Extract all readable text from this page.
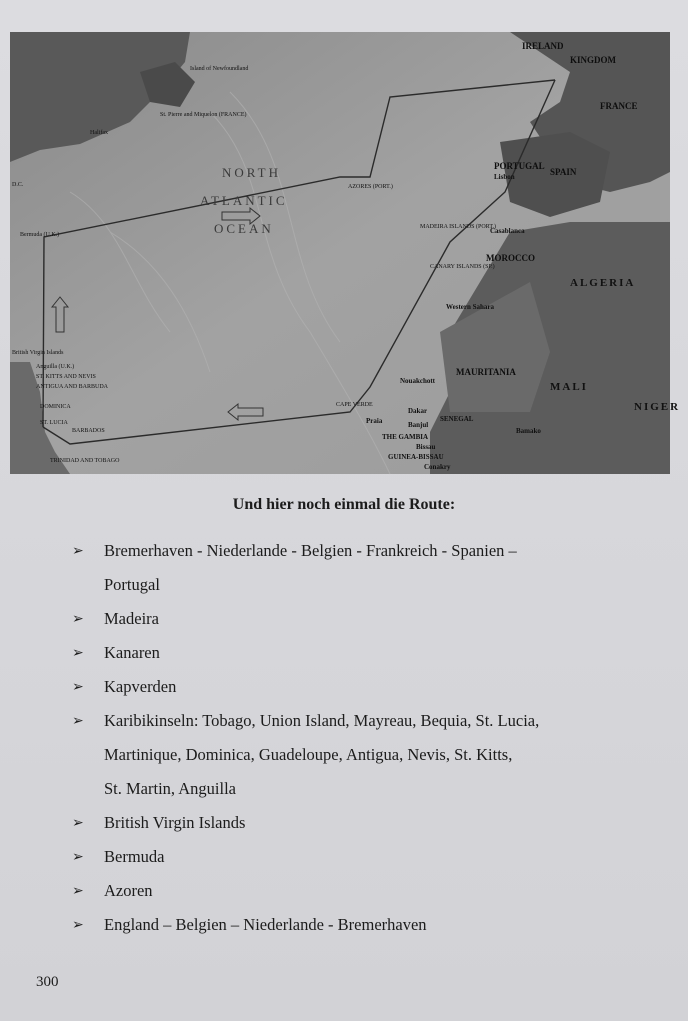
Island of Newfoundland
St. Pierre and Miquelon (FRANCE)
Halifax
D.C.
Bermuda (U.K.)
NORTH
ATLANTIC
OCEAN
AZORES (PORT.)
MADEIRA ISLANDS (PORT.)
CANARY ISLANDS (SP.)
IRELAND
KINGDOM
FRANCE
PORTUGAL
Lisbon	SPAIN
Casablanca
MOROCCO
ALGERIA
Western Sahara
MAURITANIA
Nouakchott	MALI
NIGER
CAPE VERDE
Praia
Dakar
SENEGAL
Banjul
THE GAMBIA
Bissau
GUINEA-BISSAU
Conakry
Bamako
British Virgin Islands
Anguilla (U.K.)
ST. KITTS AND NEVIS
ANTIGUA AND BARBUDA
DOMINICA
ST. LUCIA
BARBADOS
TRINIDAD AND TOBAGO
Und hier noch einmal die Route:
➢ Bremerhaven - Niederlande - Belgien - Frankreich - Spanien –
Portugal
➢ Madeira
➢ Kanaren
➢ Kapverden
➢ Karibikinseln: Tobago, Union Island, Mayreau, Bequia, St. Lucia,
Martinique, Dominica, Guadeloupe, Antigua, Nevis, St. Kitts,
St. Martin, Anguilla
➢ British Virgin Islands
➢ Bermuda
➢ Azoren
➢ England – Belgien – Niederlande - Bremerhaven
300
